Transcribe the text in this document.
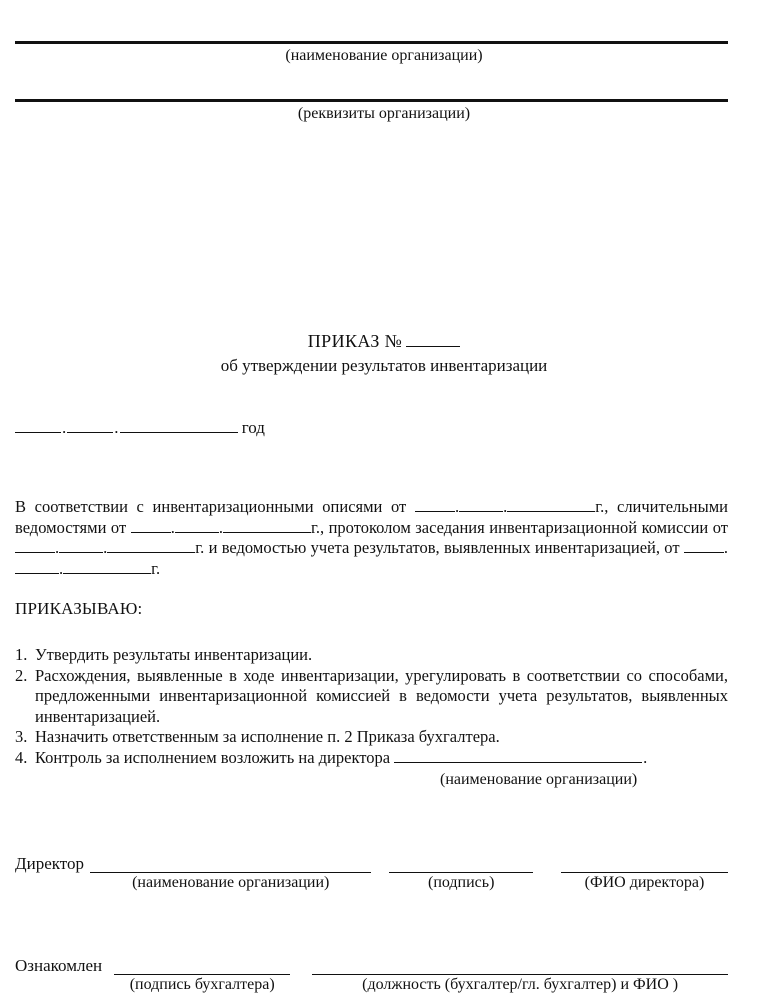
(наименование организации)
(реквизиты организации)
ПРИКАЗ №
об утверждении результатов инвентаризации
.	.	год
В соответствии с инвентаризационными описями от	.	.	г., сличительными ведомостями от	.	.	г., протоколом заседания инвентаризационной комиссии от .	.	г. и ведомостью учета результатов, выявленных инвентаризацией, от	..	г.
ПРИКАЗЫВАЮ:
1. Утвердить результаты инвентаризации.
2. Расхождения, выявленные в ходе инвентаризации, урегулировать в соответствии со способами, предложенными инвентаризационной комиссией в ведомости учета результатов, выявленных инвентаризацией.
3. Назначить ответственным за исполнение п. 2 Приказа бухгалтера.
4. Контроль за исполнением возложить на директора	.
(наименование организации)
Директор
(наименование организации)	(подпись)	(ФИО директора)
Ознакомлен
(подпись бухгалтера)	(должность (бухгалтер/гл. бухгалтер) и ФИО )
